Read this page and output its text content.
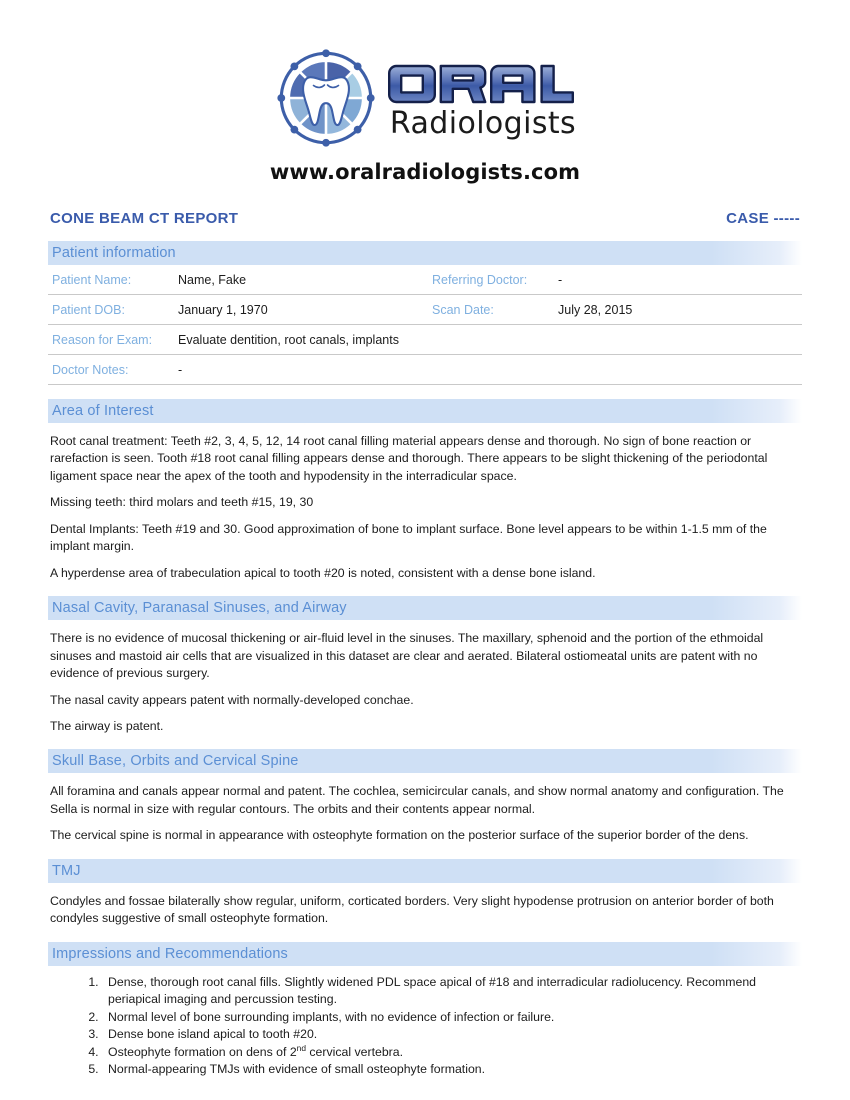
Radiologists
www.oralradiologists.com
CONE BEAM CT REPORT	CASE -----
Patient information
Patient Name:	Name, Fake	Referring Doctor:	-
Patient DOB:	January 1, 1970	Scan Date:	July 28, 2015
Reason for Exam:	Evaluate dentition, root canals, implants		
Doctor Notes:	-		
Area of Interest

Root canal treatment: Teeth #2, 3, 4, 5, 12, 14 root canal filling material appears dense and thorough. No sign of bone reaction or rarefaction is seen. Tooth #18 root canal filling appears dense and thorough. There appears to be slight thickening of the periodontal ligament space near the apex of the tooth and hypodensity in the interradicular space.

Missing teeth: third molars and teeth #15, 19, 30

Dental Implants: Teeth #19 and 30. Good approximation of bone to implant surface. Bone level appears to be within 1-1.5 mm of the implant margin.

A hyperdense area of trabeculation apical to tooth #20 is noted, consistent with a dense bone island.

Nasal Cavity, Paranasal Sinuses, and Airway

There is no evidence of mucosal thickening or air-fluid level in the sinuses. The maxillary, sphenoid and the portion of the ethmoidal sinuses and mastoid air cells that are visualized in this dataset are clear and aerated. Bilateral ostiomeatal units are patent with no evidence of previous surgery.

The nasal cavity appears patent with normally-developed conchae.

The airway is patent.

Skull Base, Orbits and Cervical Spine

All foramina and canals appear normal and patent. The cochlea, semicircular canals, and show normal anatomy and configuration. The Sella is normal in size with regular contours. The orbits and their contents appear normal.

The cervical spine is normal in appearance with osteophyte formation on the posterior surface of the superior border of the dens.

TMJ

Condyles and fossae bilaterally show regular, uniform, corticated borders. Very slight hypodense protrusion on anterior border of both condyles suggestive of small osteophyte formation.

Impressions and Recommendations
1. Dense, thorough root canal fills. Slightly widened PDL space apical of #18 and interradicular radiolucency. Recommend periapical imaging and percussion testing.
2. Normal level of bone surrounding implants, with no evidence of infection or failure.
3. Dense bone island apical to tooth #20.
4. Osteophyte formation on dens of 2nd cervical vertebra.
5. Normal-appearing TMJs with evidence of small osteophyte formation.
